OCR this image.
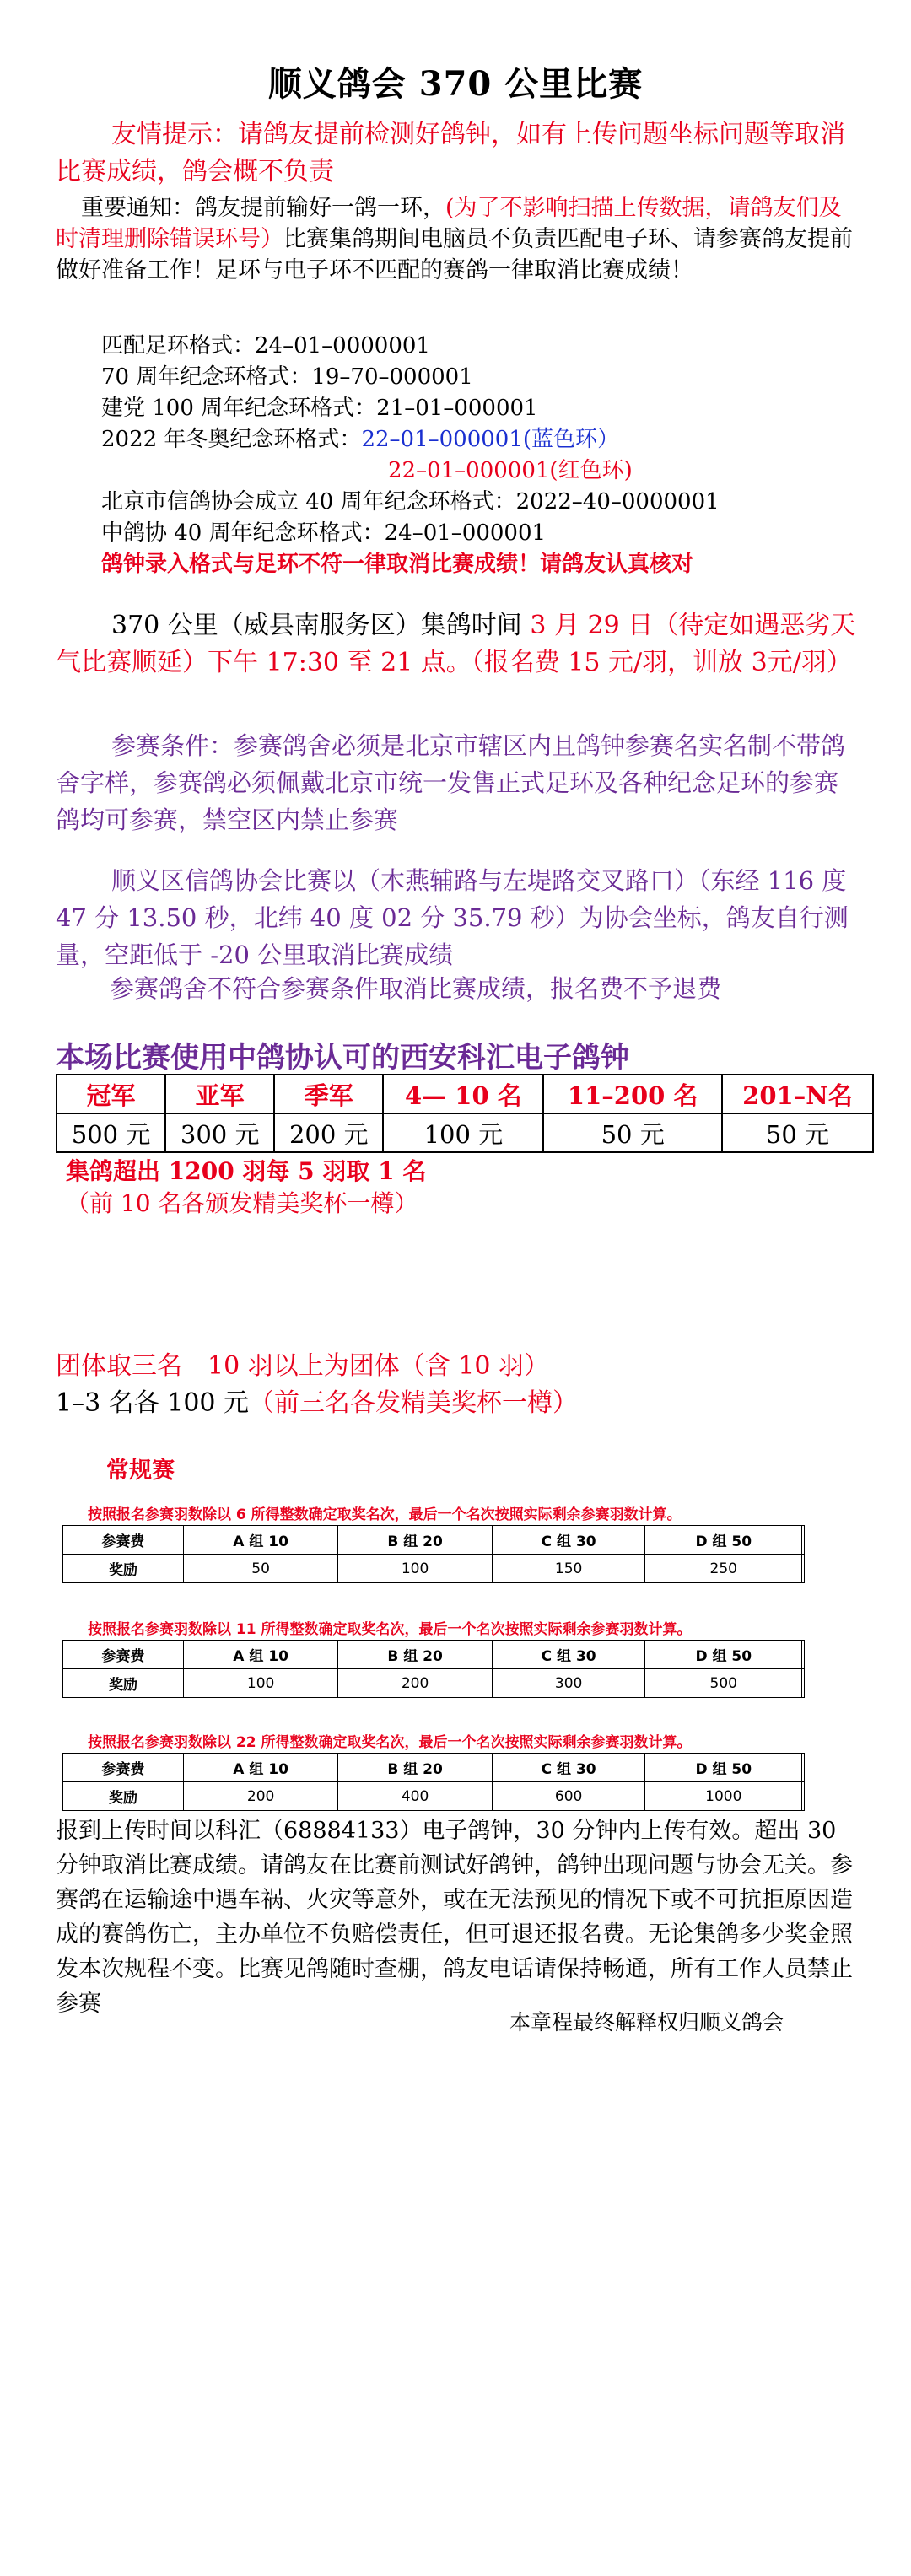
顺义鸽会 370 公里比赛
友情提示：请鸽友提前检测好鸽钟，如有上传问题坐标问题等取消比赛成绩，鸽会概不负责
重要通知：鸽友提前输好一鸽一环，(为了不影响扫描上传数据，请鸽友们及时清理删除错误环号）比赛集鸽期间电脑员不负责匹配电子环、请参赛鸽友提前做好准备工作！足环与电子环不匹配的赛鸽一律取消比赛成绩！
匹配足环格式：24–01–0000001
70 周年纪念环格式：19–70–000001
建党 100 周年纪念环格式：21–01–000001
2022 年冬奥纪念环格式：22–01–000001(蓝色环）
22–01–000001(红色环)
北京市信鸽协会成立 40 周年纪念环格式：2022–40–0000001
中鸽协 40 周年纪念环格式：24–01–000001
鸽钟录入格式与足环不符一律取消比赛成绩！请鸽友认真核对
370 公里（威县南服务区）集鸽时间 3 月 29 日（待定如遇恶劣天气比赛顺延）下午 17:30 至 21 点。（报名费 15 元/羽，训放 3元/羽）
参赛条件：参赛鸽舍必须是北京市辖区内且鸽钟参赛名实名制不带鸽舍字样，参赛鸽必须佩戴北京市统一发售正式足环及各种纪念足环的参赛鸽均可参赛，禁空区内禁止参赛
顺义区信鸽协会比赛以（木燕辅路与左堤路交叉路口）（东经 116 度 47 分 13.50 秒，北纬 40 度 02 分 35.79 秒）为协会坐标，鸽友自行测量，空距低于 -20 公里取消比赛成绩
参赛鸽舍不符合参赛条件取消比赛成绩，报名费不予退费
本场比赛使用中鸽协认可的西安科汇电子鸽钟
冠军	亚军	季军	4— 10 名	11–200 名	201–N名
500 元	300 元	200 元	100 元	50 元	50 元
集鸽超出 1200 羽每 5 羽取 1 名
（前 10 名各颁发精美奖杯一樽）
团体取三名　10 羽以上为团体（含 10 羽）
1–3 名各 100 元（前三名各发精美奖杯一樽）
常规赛
按照报名参赛羽数除以 6 所得整数确定取奖名次，最后一个名次按照实际剩余参赛羽数计算。
参赛费	A 组 10	B 组 20	C 组 30	D 组 50	
奖励	50	100	150	250	
按照报名参赛羽数除以 11 所得整数确定取奖名次，最后一个名次按照实际剩余参赛羽数计算。
参赛费	A 组 10	B 组 20	C 组 30	D 组 50	
奖励	100	200	300	500	
按照报名参赛羽数除以 22 所得整数确定取奖名次，最后一个名次按照实际剩余参赛羽数计算。
参赛费	A 组 10	B 组 20	C 组 30	D 组 50	
奖励	200	400	600	1000	
报到上传时间以科汇（68884133）电子鸽钟，30 分钟内上传有效。超出 30 分钟取消比赛成绩。请鸽友在比赛前测试好鸽钟，鸽钟出现问题与协会无关。参赛鸽在运输途中遇车祸、火灾等意外，或在无法预见的情况下或不可抗拒原因造成的赛鸽伤亡，主办单位不负赔偿责任，但可退还报名费。无论集鸽多少奖金照发本次规程不变。比赛见鸽随时查棚，鸽友电话请保持畅通，所有工作人员禁止参赛
本章程最终解释权归顺义鸽会
